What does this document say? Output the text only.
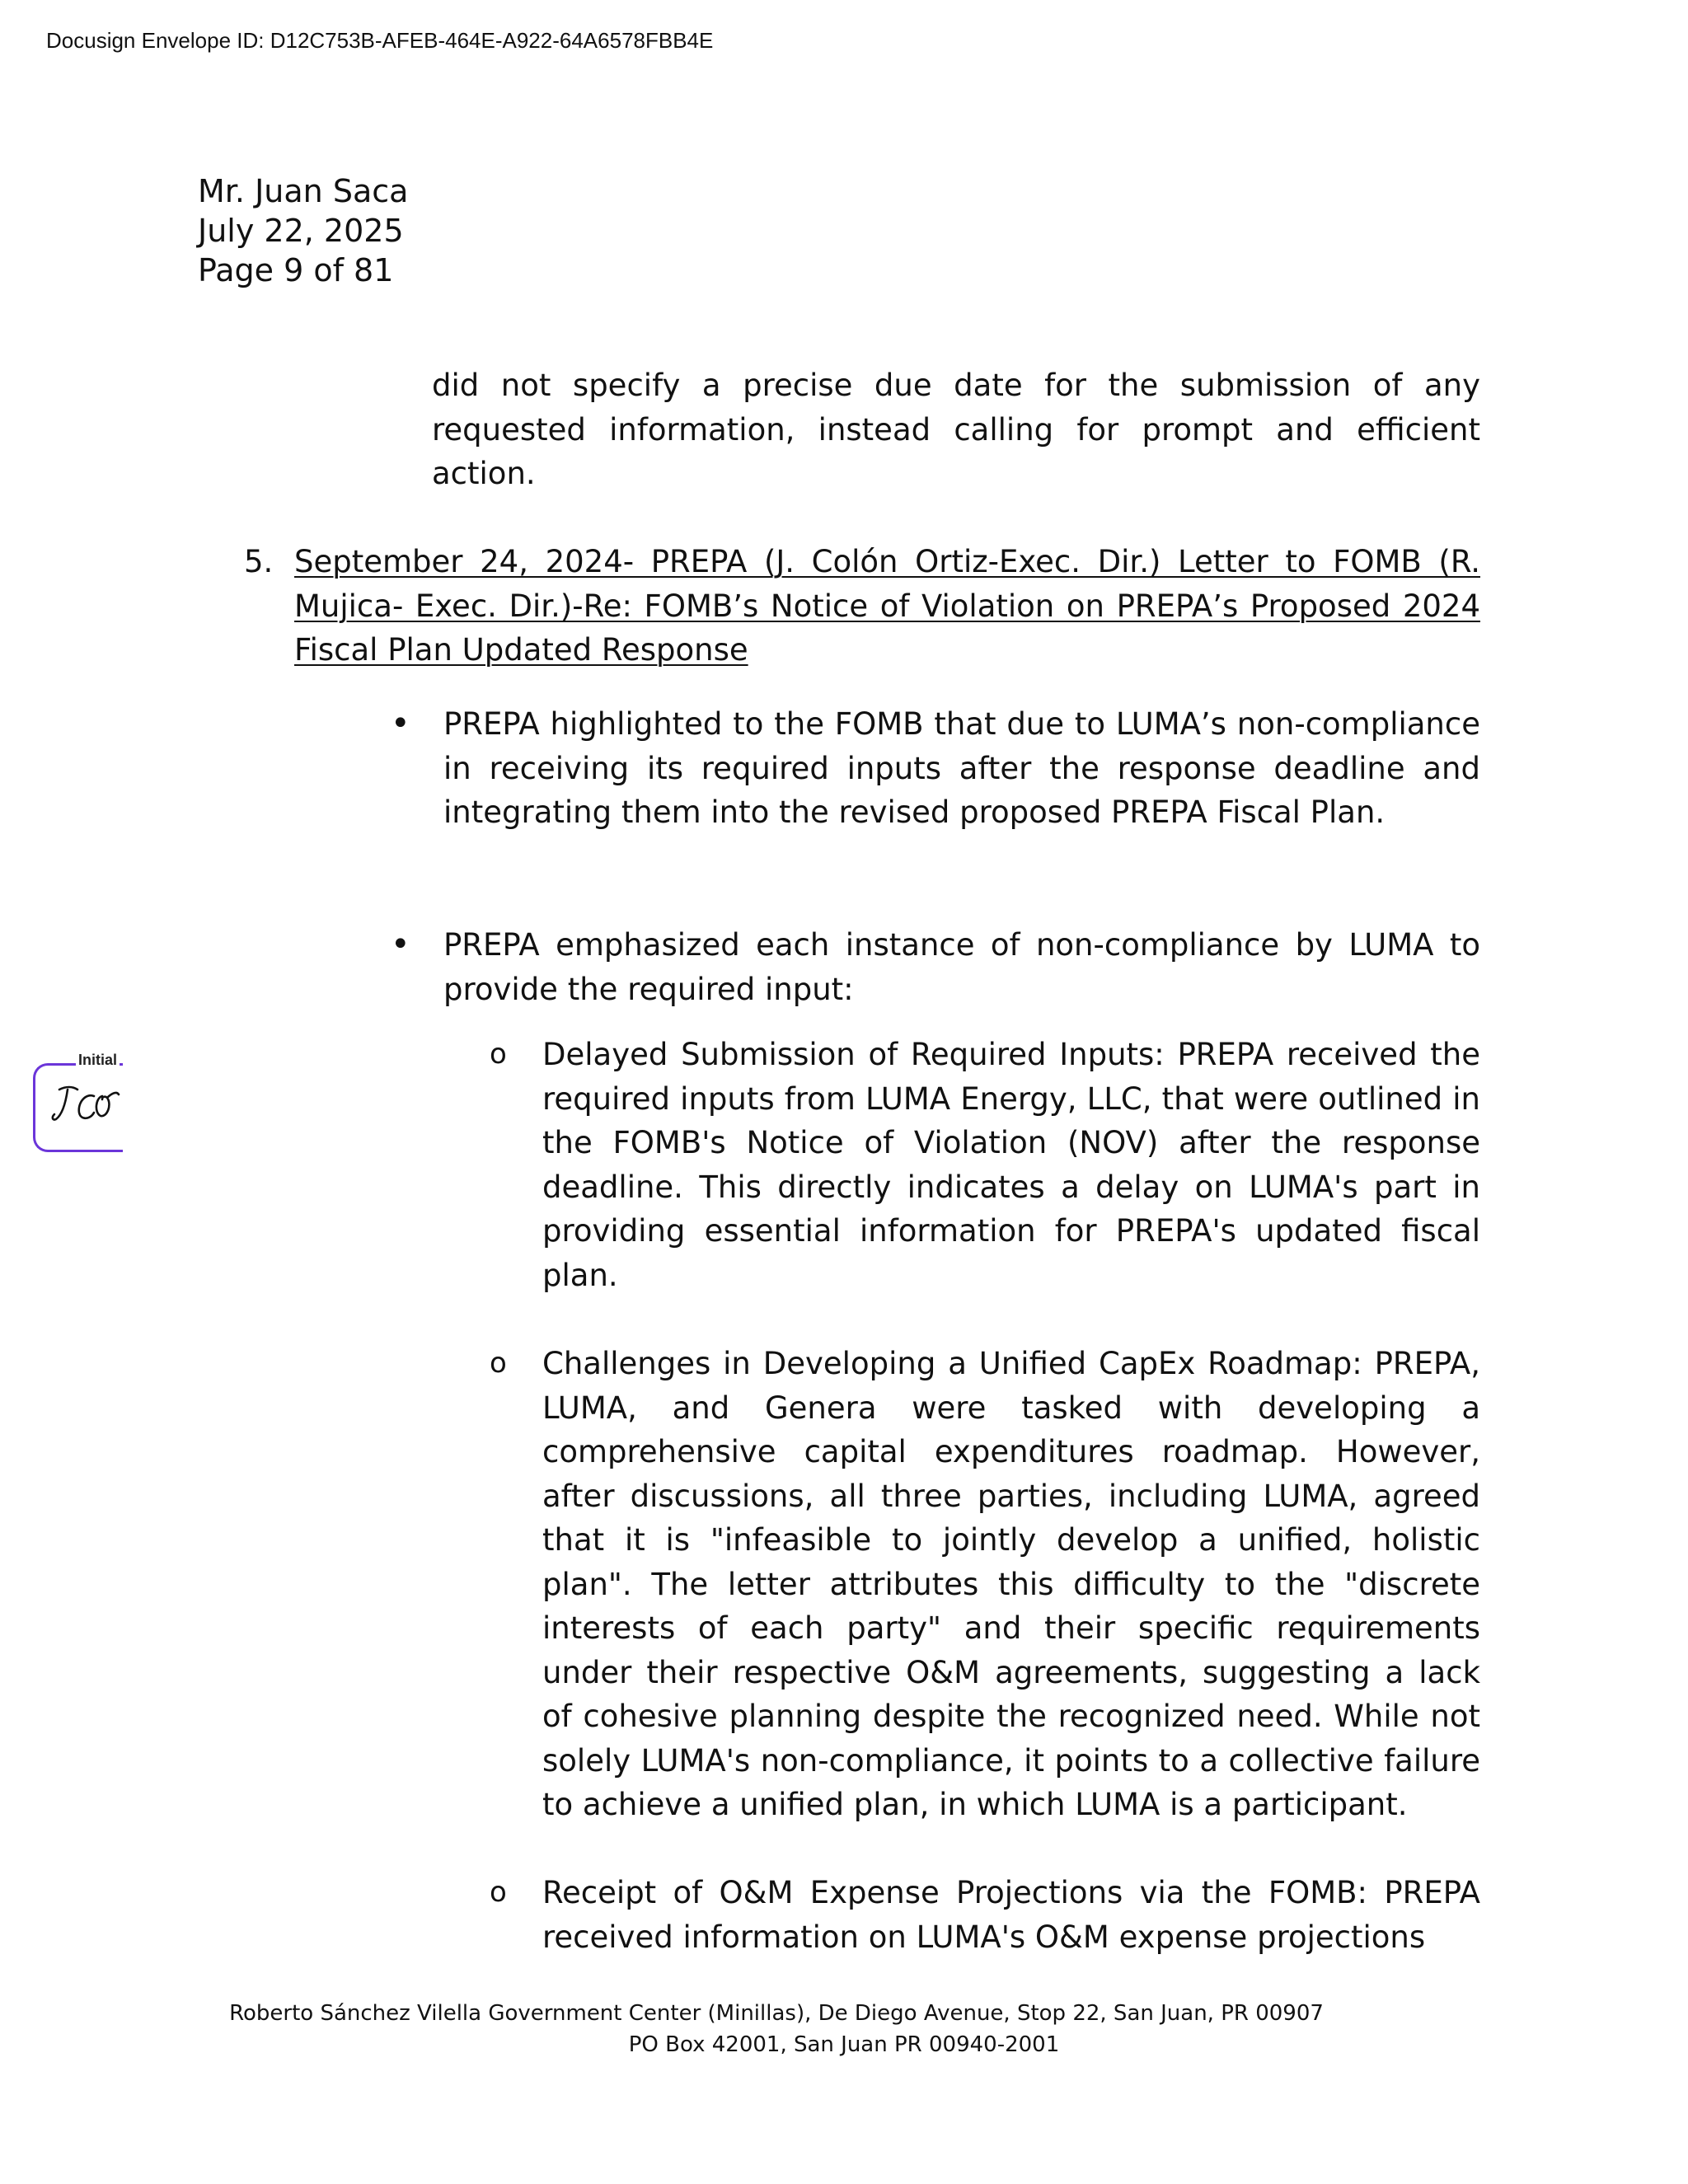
Docusign Envelope ID: D12C753B-AFEB-464E-A922-64A6578FBB4E
Mr. Juan Saca
July 22, 2025
Page 9 of 81
did not specify a precise due date for the submission of any requested information, instead calling for prompt and efficient action.
5. September 24, 2024- PREPA (J. Colón Ortiz-Exec. Dir.) Letter to FOMB (R. Mujica- Exec. Dir.)-Re: FOMB’s Notice of Violation on PREPA’s Proposed 2024 Fiscal Plan Updated Response
• PREPA highlighted to the FOMB that due to LUMA’s non-compliance in receiving its required inputs after the response deadline and integrating them into the revised proposed PREPA Fiscal Plan.
• PREPA emphasized each instance of non-compliance by LUMA to provide the required input:
o Delayed Submission of Required Inputs: PREPA received the required inputs from LUMA Energy, LLC, that were outlined in the FOMB's Notice of Violation (NOV) after the response deadline. This directly indicates a delay on LUMA's part in providing essential information for PREPA's updated fiscal plan.
o Challenges in Developing a Unified CapEx Roadmap: PREPA, LUMA, and Genera were tasked with developing a comprehensive capital expenditures roadmap. However, after discussions, all three parties, including LUMA, agreed that it is "infeasible to jointly develop a unified, holistic plan". The letter attributes this difficulty to the "discrete interests of each party" and their specific requirements under their respective O&M agreements, suggesting a lack of cohesive planning despite the recognized need. While not solely LUMA's non-compliance, it points to a collective failure to achieve a unified plan, in which LUMA is a participant.
o Receipt of O&M Expense Projections via the FOMB: PREPA received information on LUMA's O&M expense projections
Initial
Roberto Sánchez Vilella Government Center (Minillas), De Diego Avenue, Stop 22, San Juan, PR 00907
PO Box 42001, San Juan PR 00940-2001
